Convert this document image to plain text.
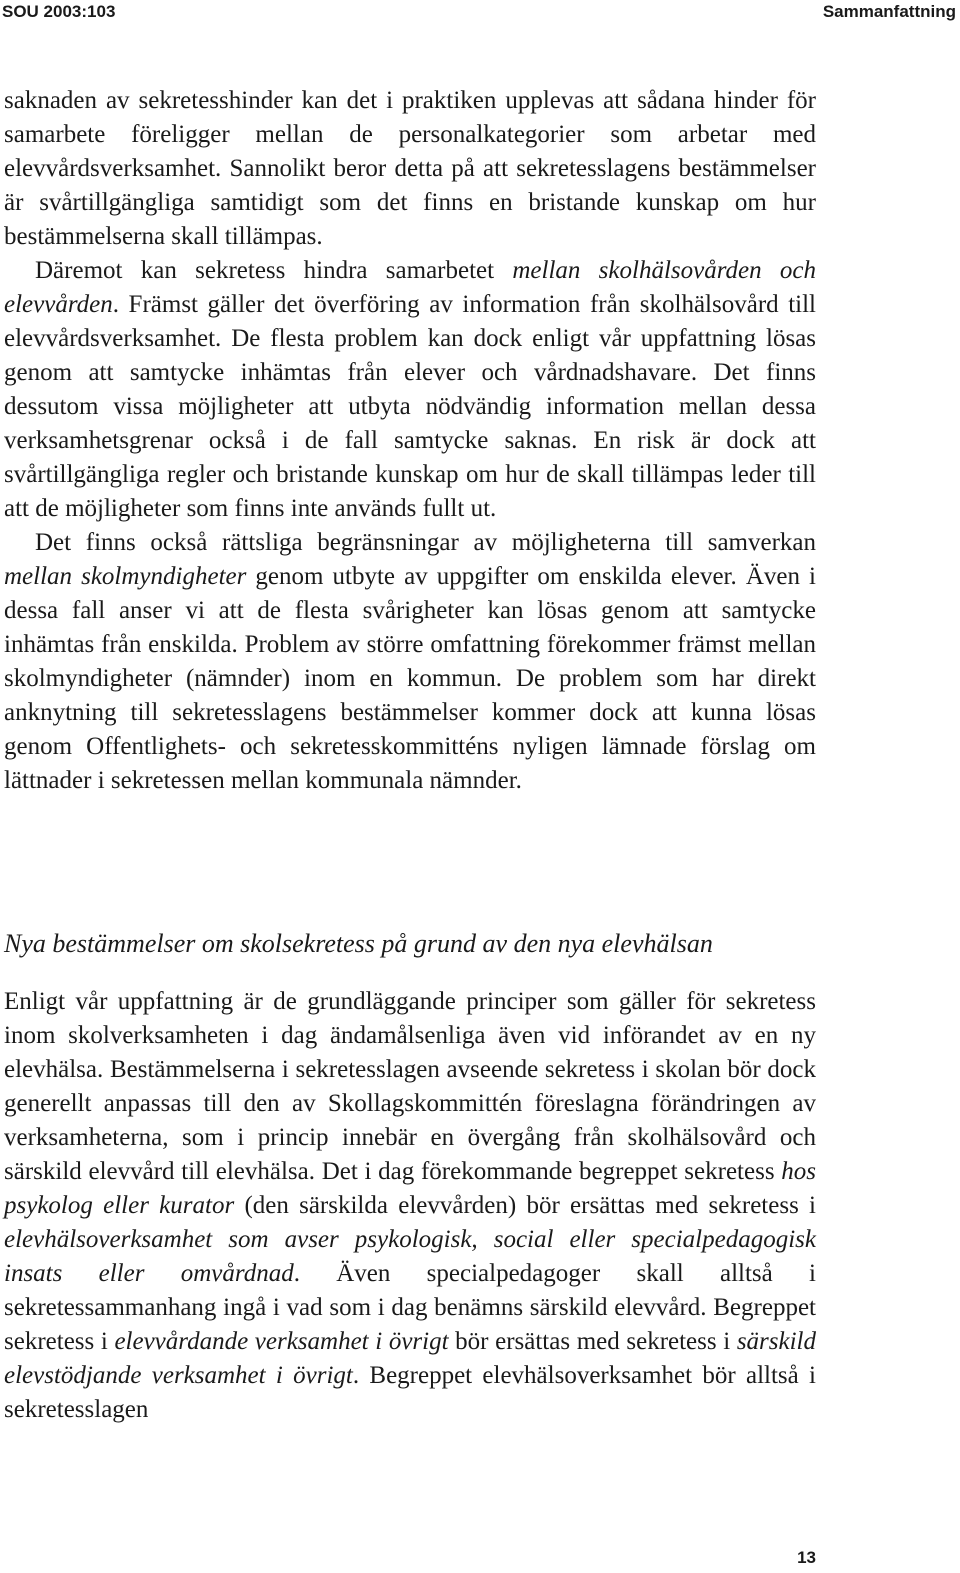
SOU 2003:103	Sammanfattning

saknaden av sekretesshinder kan det i praktiken upplevas att sådana hinder för samarbete föreligger mellan de personalkategorier som arbetar med elevvårdsverksamhet. Sannolikt beror detta på att sekretesslagens bestämmelser är svårtillgängliga samtidigt som det finns en bristande kunskap om hur bestämmelserna skall tillämpas.

Däremot kan sekretess hindra samarbetet mellan skolhälsovården och elevvården. Främst gäller det överföring av information från skolhälsovård till elevvårdsverksamhet. De flesta problem kan dock enligt vår uppfattning lösas genom att samtycke inhämtas från elever och vårdnadshavare. Det finns dessutom vissa möjligheter att utbyta nödvändig information mellan dessa verksamhetsgrenar också i de fall samtycke saknas. En risk är dock att svårtillgängliga regler och bristande kunskap om hur de skall tillämpas leder till att de möjligheter som finns inte används fullt ut.

Det finns också rättsliga begränsningar av möjligheterna till samverkan mellan skolmyndigheter genom utbyte av uppgifter om enskilda elever. Även i dessa fall anser vi att de flesta svårigheter kan lösas genom att samtycke inhämtas från enskilda. Problem av större omfattning förekommer främst mellan skolmyndigheter (nämnder) inom en kommun. De problem som har direkt anknytning till sekretesslagens bestämmelser kommer dock att kunna lösas genom Offentlighets- och sekretesskommitténs nyligen lämnade förslag om lättnader i sekretessen mellan kommunala nämnder.

Nya bestämmelser om skolsekretess på grund av den nya elevhälsan

Enligt vår uppfattning är de grundläggande principer som gäller för sekretess inom skolverksamheten i dag ändamålsenliga även vid införandet av en ny elevhälsa. Bestämmelserna i sekretesslagen avseende sekretess i skolan bör dock generellt anpassas till den av Skollagskommittén föreslagna förändringen av verksamheterna, som i princip innebär en övergång från skolhälsovård och särskild elevvård till elevhälsa. Det i dag förekommande begreppet sekretess hos psykolog eller kurator (den särskilda elevvården) bör ersättas med sekretess i elevhälsoverksamhet som avser psykologisk, social eller specialpedagogisk insats eller omvårdnad. Även specialpedagoger skall alltså i sekretessammanhang ingå i vad som i dag benämns särskild elevvård. Begreppet sekretess i elevvårdande verksamhet i övrigt bör ersättas med sekretess i särskild elevstödjande verksamhet i övrigt. Begreppet elevhälsoverksamhet bör alltså i sekretesslagen

13
